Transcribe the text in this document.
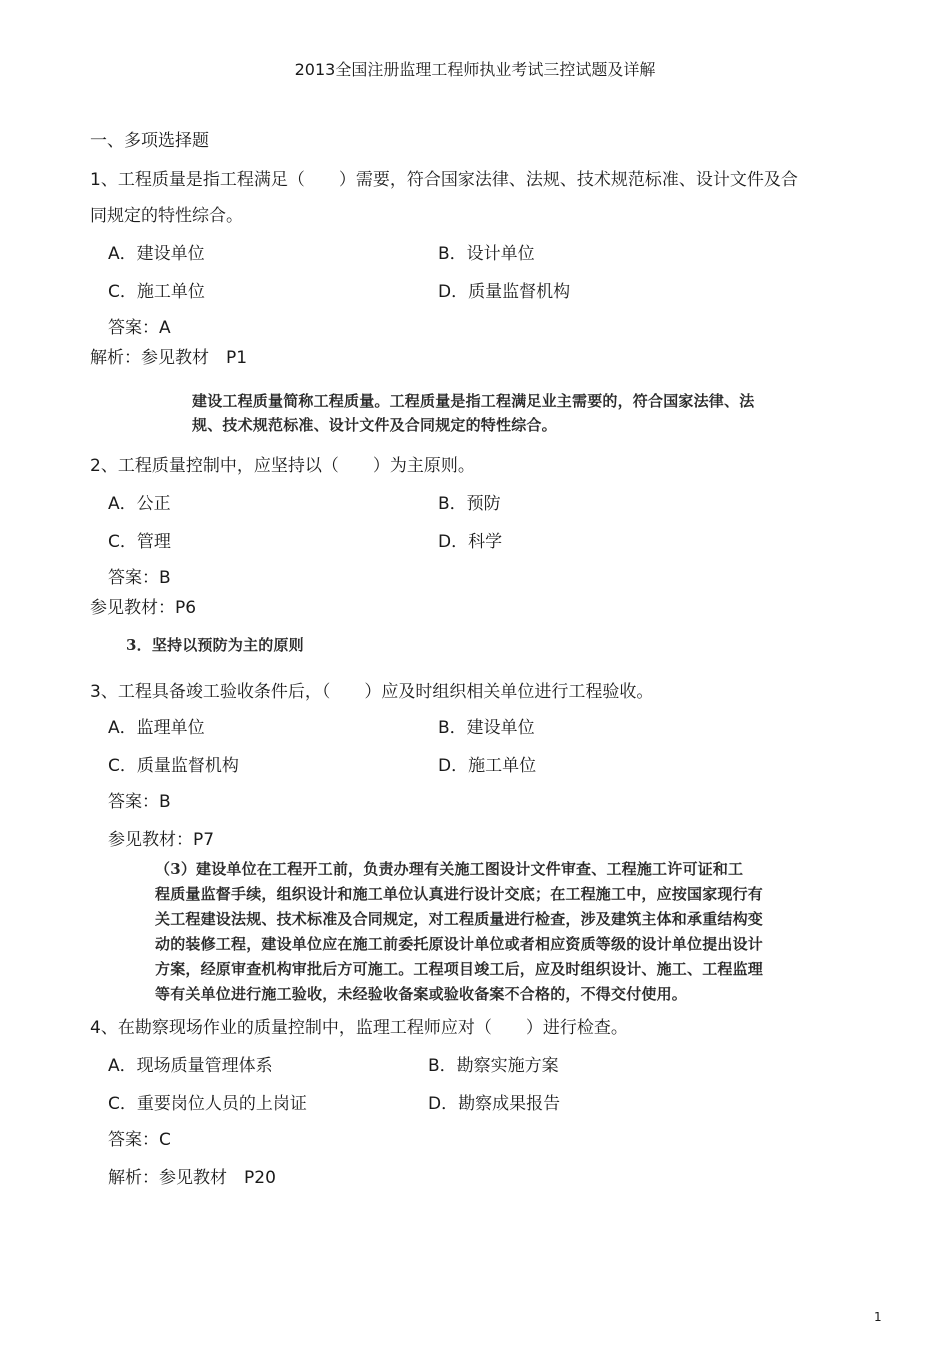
2013全国注册监理工程师执业考试三控试题及详解
一、多项选择题
1、工程质量是指工程满足（　　）需要，符合国家法律、法规、技术规范标准、设计文件及合
同规定的特性综合。
A．建设单位	B．设计单位
C．施工单位	D．质量监督机构
答案：A
解析：参见教材　P1
建设工程质量简称工程质量。工程质量是指工程满足业主需要的，符合国家法律、法
规、技术规范标准、设计文件及合同规定的特性综合。
2、工程质量控制中，应坚持以（　　）为主原则。
A．公正	B．预防
C．管理	D．科学
答案：B
参见教材：P6
3．坚持以预防为主的原则
3、工程具备竣工验收条件后，（　　）应及时组织相关单位进行工程验收。
A．监理单位	B．建设单位
C．质量监督机构	D．施工单位
答案：B
参见教材：P7
（3）建设单位在工程开工前，负责办理有关施工图设计文件审查、工程施工许可证和工
程质量监督手续，组织设计和施工单位认真进行设计交底；在工程施工中，应按国家现行有
关工程建设法规、技术标准及合同规定，对工程质量进行检查，涉及建筑主体和承重结构变
动的装修工程，建设单位应在施工前委托原设计单位或者相应资质等级的设计单位提出设计
方案，经原审查机构审批后方可施工。工程项目竣工后，应及时组织设计、施工、工程监理
等有关单位进行施工验收，未经验收备案或验收备案不合格的，不得交付使用。
4、在勘察现场作业的质量控制中，监理工程师应对（　　）进行检查。
A．现场质量管理体系	B．勘察实施方案
C．重要岗位人员的上岗证	D．勘察成果报告
答案：C
解析：参见教材　P20
1
